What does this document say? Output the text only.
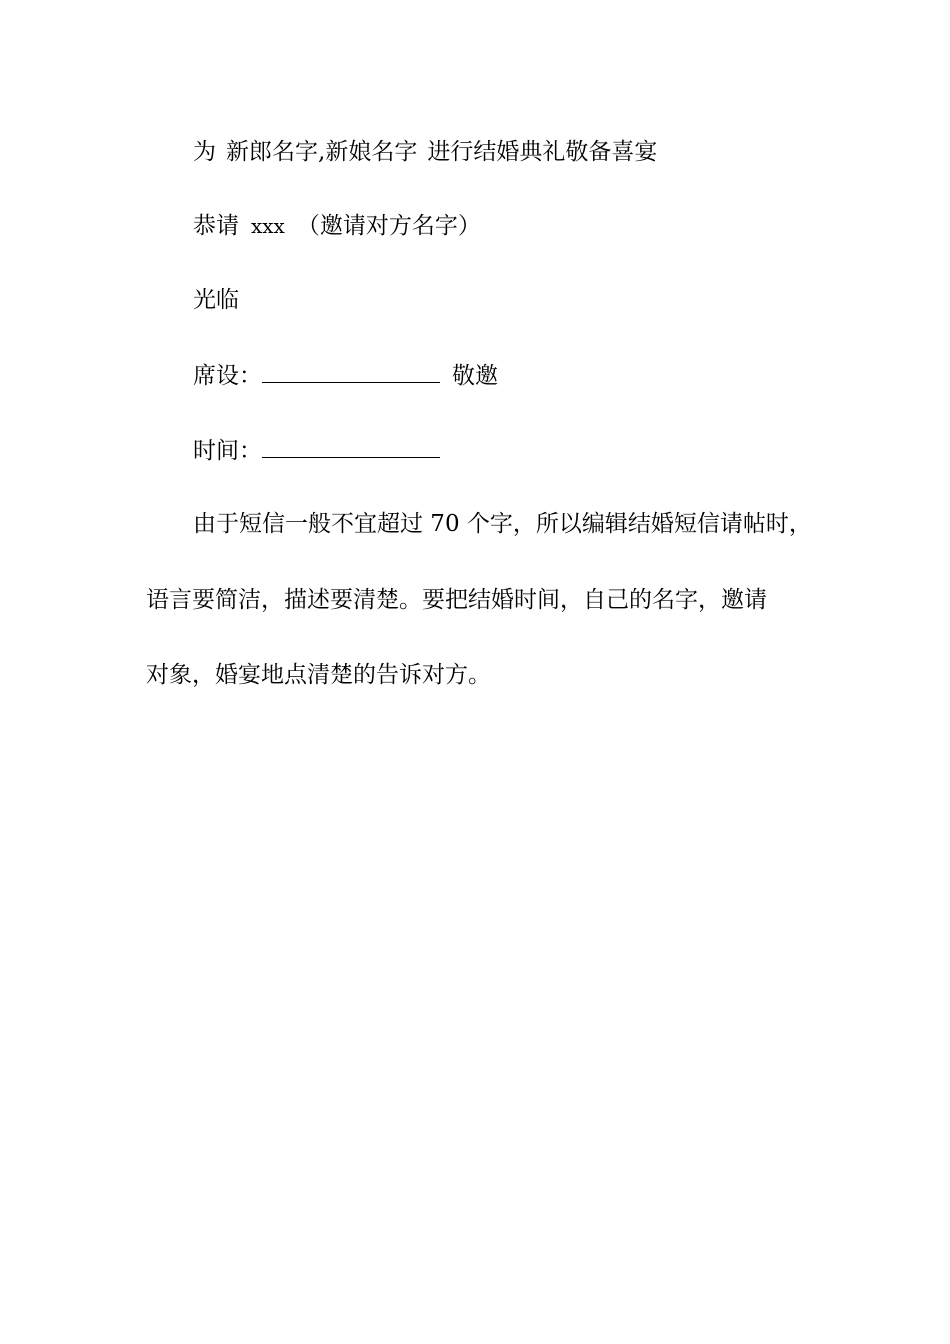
为 新郎名字,新娘名字 进行结婚典礼敬备喜宴
恭请 xxx （邀请对方名字）
光临
席设：	敬邀
时间：
由于短信一般不宜超过 70 个字，所以编辑结婚短信请帖时，
语言要简洁，描述要清楚。要把结婚时间，自己的名字，邀请
对象，婚宴地点清楚的告诉对方。
